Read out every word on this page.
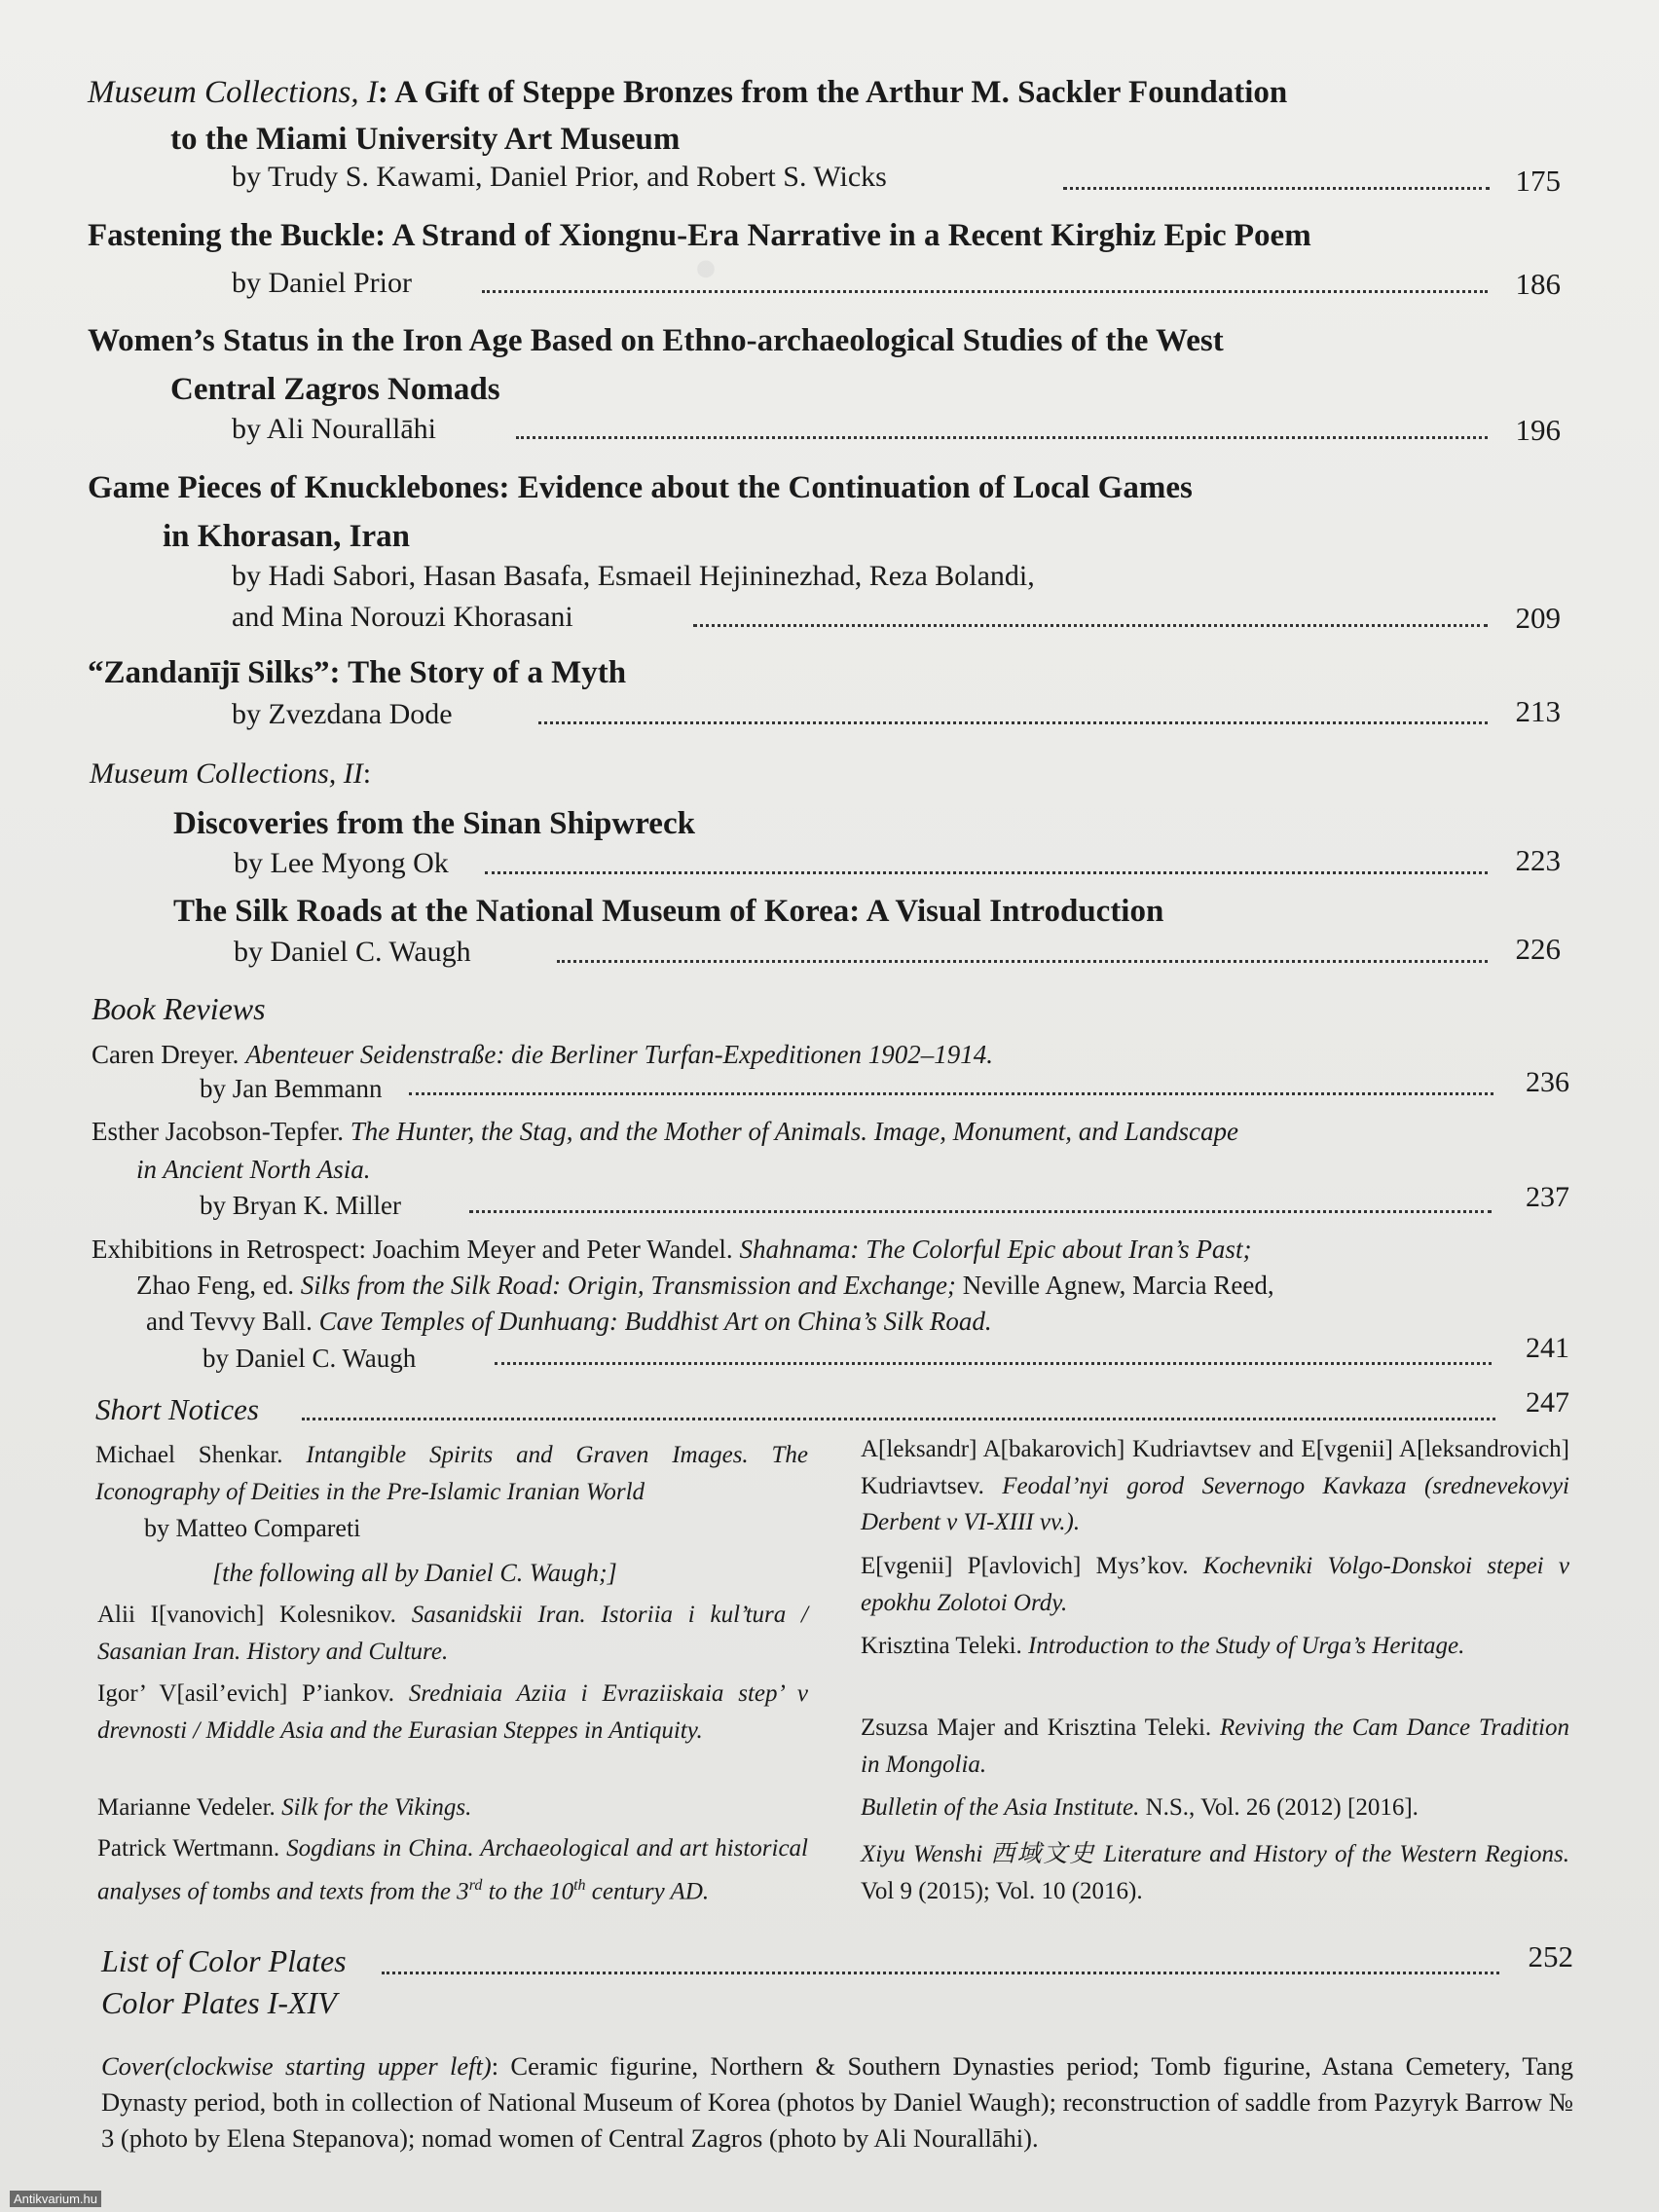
Museum Collections, I: A Gift of Steppe Bronzes from the Arthur M. Sackler Foundation
to the Miami University Art Museum
by Trudy S. Kawami, Daniel Prior, and Robert S. Wicks	175
Fastening the Buckle: A Strand of Xiongnu-Era Narrative in a Recent Kirghiz Epic Poem
by Daniel Prior	186
Women’s Status in the Iron Age Based on Ethno-archaeological Studies of the West
Central Zagros Nomads
by Ali Nourallāhi	196
Game Pieces of Knucklebones: Evidence about the Continuation of Local Games
in Khorasan, Iran
by Hadi Sabori, Hasan Basafa, Esmaeil Hejininezhad, Reza Bolandi,
and Mina Norouzi Khorasani	209
“Zandanījī Silks”: The Story of a Myth
by Zvezdana Dode	213
Museum Collections, II:
Discoveries from the Sinan Shipwreck
by Lee Myong Ok	223
The Silk Roads at the National Museum of Korea: A Visual Introduction
by Daniel C. Waugh	226
Book Reviews
Caren Dreyer. Abenteuer Seidenstraße: die Berliner Turfan-Expeditionen 1902–1914.
by Jan Bemmann	236
Esther Jacobson-Tepfer. The Hunter, the Stag, and the Mother of Animals. Image, Monument, and Landscape
in Ancient North Asia.
by Bryan K. Miller	237
Exhibitions in Retrospect: Joachim Meyer and Peter Wandel. Shahnama: The Colorful Epic about Iran’s Past;
Zhao Feng, ed. Silks from the Silk Road: Origin, Transmission and Exchange; Neville Agnew, Marcia Reed,
and Tevvy Ball. Cave Temples of Dunhuang: Buddhist Art on China’s Silk Road.
by Daniel C. Waugh	241
Short Notices	247
Michael Shenkar. Intangible Spirits and Graven Images. The Iconography of Deities in the Pre-Islamic Iranian World
by Matteo Compareti
[the following all by Daniel C. Waugh;]
Alii I[vanovich] Kolesnikov. Sasanidskii Iran. Istoriia i kul’tura / Sasanian Iran. History and Culture.
Igor’ V[asil’evich] P’iankov. Sredniaia Aziia i Evraziiskaia step’ v drevnosti / Middle Asia and the Eurasian Steppes in Antiquity.
Marianne Vedeler. Silk for the Vikings.
Patrick Wertmann. Sogdians in China. Archaeological and art historical analyses of tombs and texts from the 3rd to the 10th century AD.
A[leksandr] A[bakarovich] Kudriavtsev and E[vgenii] A[leksandrovich] Kudriavtsev. Feodal’nyi gorod Severnogo Kavkaza (srednevekovyi Derbent v VI-XIII vv.).
E[vgenii] P[avlovich] Mys’kov. Kochevniki Volgo-Donskoi stepei v epokhu Zolotoi Ordy.
Krisztina Teleki. Introduction to the Study of Urga’s Heritage.
Zsuzsa Majer and Krisztina Teleki. Reviving the Cam Dance Tradition in Mongolia.
Bulletin of the Asia Institute. N.S., Vol. 26 (2012) [2016].
Xiyu Wenshi 西域文史 Literature and History of the Western Regions. Vol 9 (2015); Vol. 10 (2016).
List of Color Plates	252
Color Plates I-XIV
Cover(clockwise starting upper left): Ceramic figurine, Northern & Southern Dynasties period; Tomb figurine, Astana Cemetery, Tang Dynasty period, both in collection of National Museum of Korea (photos by Daniel Waugh); reconstruction of saddle from Pazyryk Barrow № 3 (photo by Elena Stepanova); nomad women of Central Zagros (photo by Ali Nourallāhi).
Antikvarium.hu
